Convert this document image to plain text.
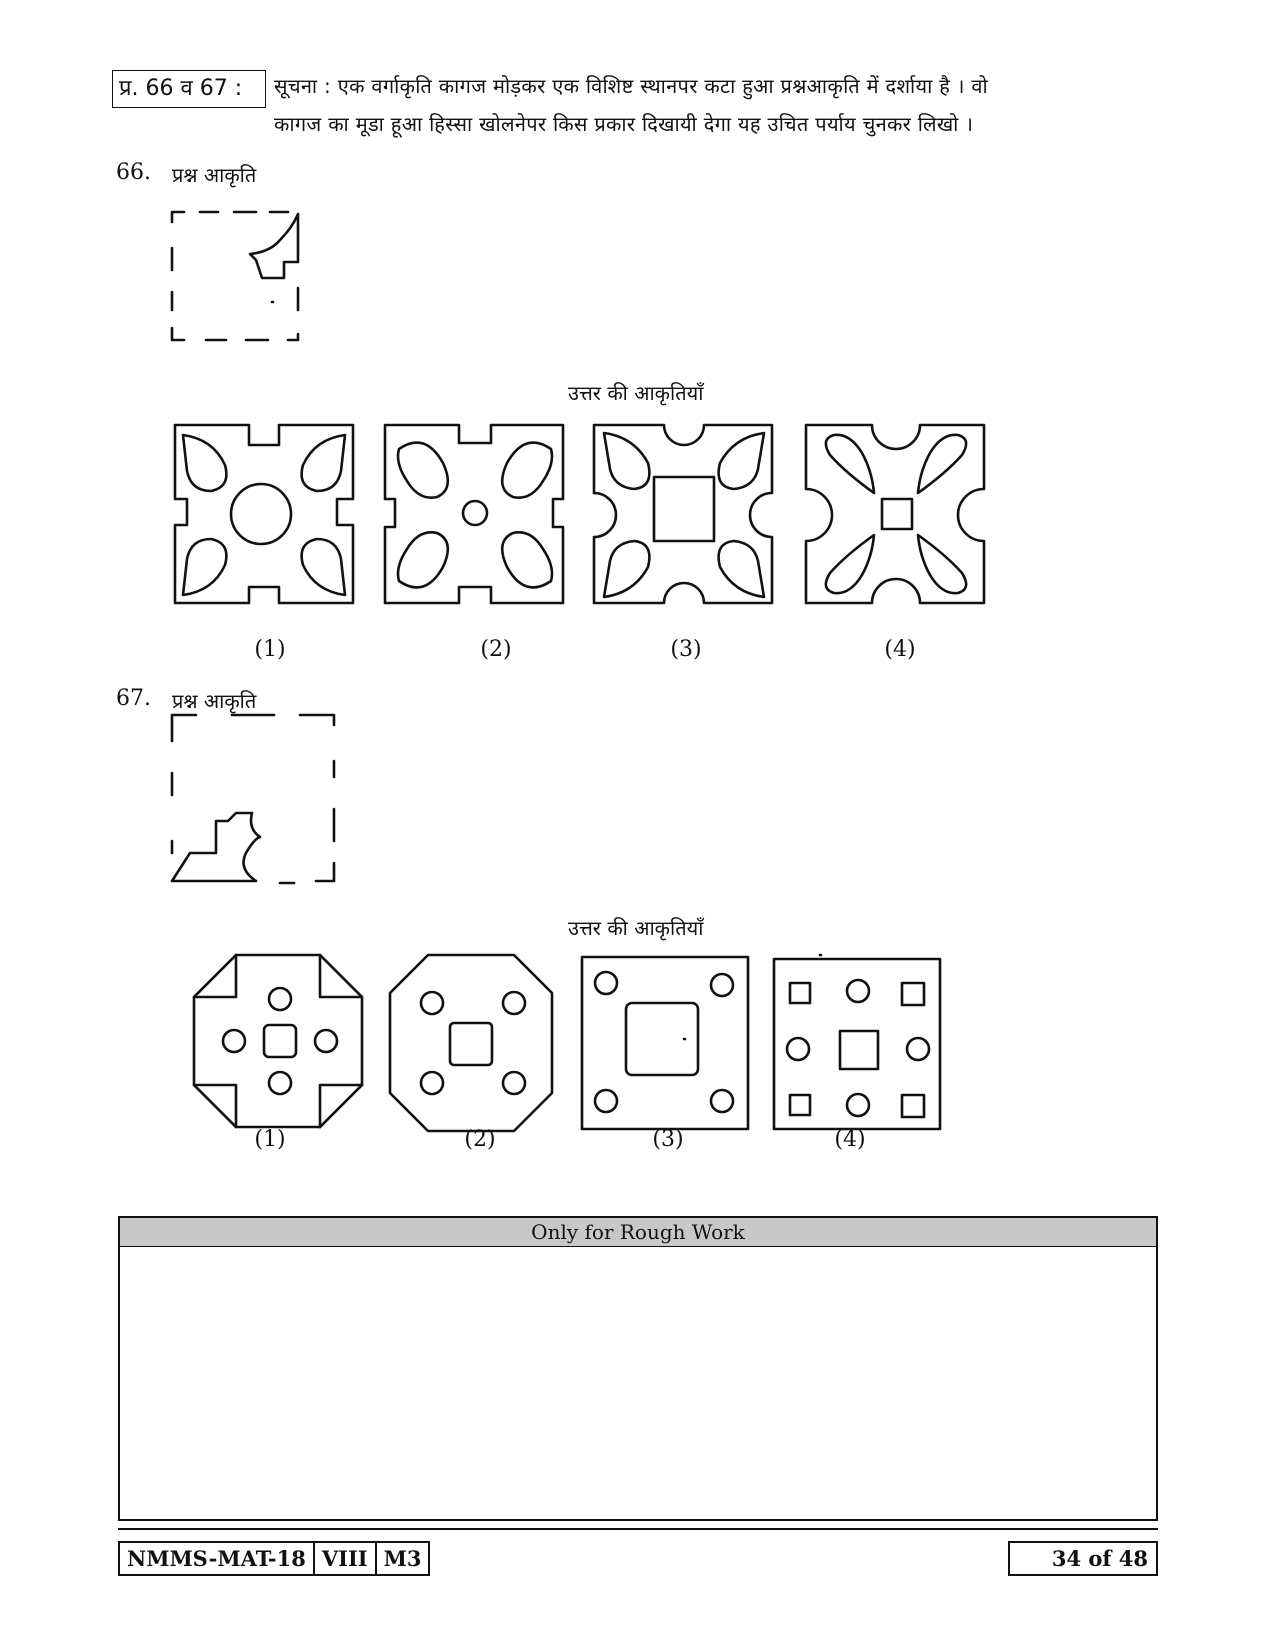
प्र. 66 व 67 :	सूचना : एक वर्गाकृति कागज मोड़कर एक विशिष्ट स्थानपर कटा हुआ प्रश्नआकृति में दर्शाया है । वो
कागज का मूडा हूआ हिस्सा खोलनेपर किस प्रकार दिखायी देगा यह उचित पर्याय चुनकर लिखो ।
66. प्रश्न आकृति
उत्तर की आकृतियाँ
(1)	(2)	(3)	(4)
67. प्रश्न आकृति
उत्तर की आकृतियाँ
(1)	(2)	(3)	(4)
Only for Rough Work
NMMS-MAT-18 VIII M3	34 of 48
